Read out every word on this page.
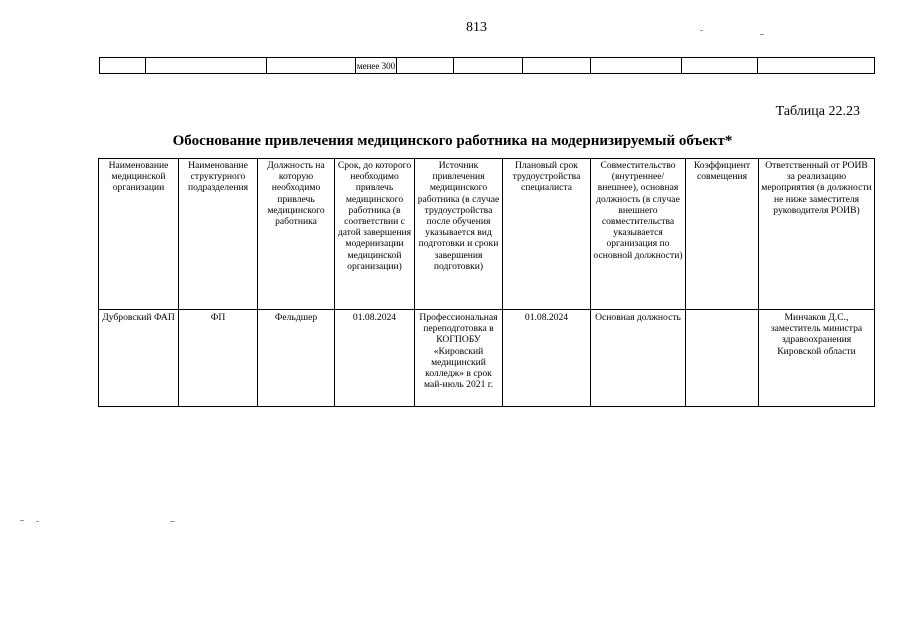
813
			менее 300						
Таблица 22.23
Обоснование привлечения медицинского работника на модернизируемый объект*
Наименование медицинской организации	Наименование структурного подразделения	Должность на которую необходимо привлечь медицинского работника	Срок, до которого необходимо привлечь медицинского работника (в соответствии с датой завершения модернизации медицинской организации)	Источник привлечения медицинского работника (в случае трудоустройства после обучения указывается вид подготовки и сроки завершения подготовки)	Плановый срок трудоустройства специалиста	Совместительство (внутреннее/внешнее), основная должность (в случае внешнего совместительства указывается организация по основной должности)	Коэффициент совмещения	Ответственный от РОИВ за реализацию мероприятия (в должности не ниже заместителя руководителя РОИВ)
Дубровский ФАП	ФП	Фельдшер	01.08.2024	Профессиональная переподготовка в КОГПОБУ «Кировский медицинский колледж» в срок май-июль 2021 г.	01.08.2024	Основная должность		Минчаков Д.С., заместитель министра здравоохранения Кировской области
